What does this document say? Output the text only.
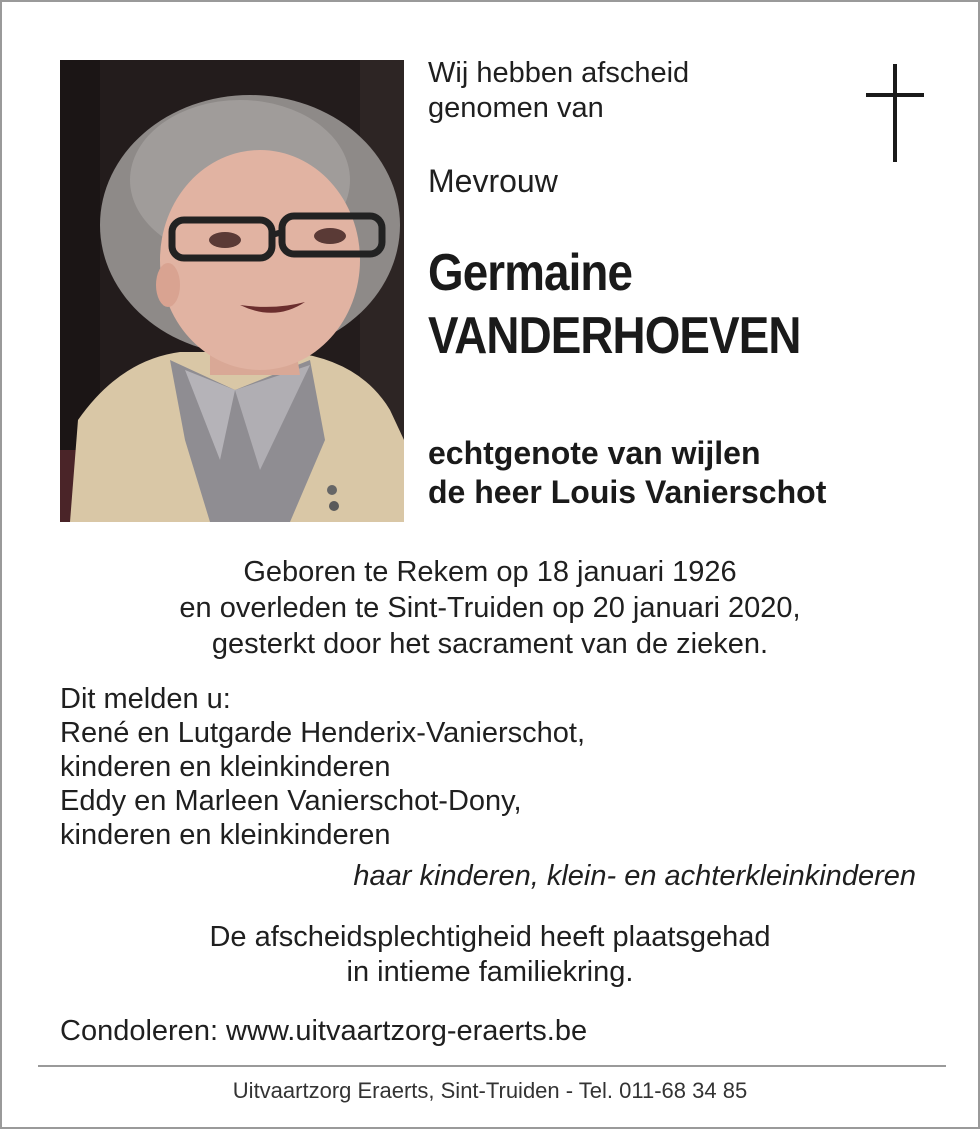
Wij hebben afscheid
genomen van
Mevrouw
Germaine
VANDERHOEVEN
echtgenote van wijlen
de heer Louis Vanierschot
Geboren te Rekem op 18 januari 1926
en overleden te Sint-Truiden op 20 januari 2020,
gesterkt door het sacrament van de zieken.
Dit melden u:
René en Lutgarde Henderix-Vanierschot,
kinderen en kleinkinderen
Eddy en Marleen Vanierschot-Dony,
kinderen en kleinkinderen
haar kinderen, klein- en achterkleinkinderen
De afscheidsplechtigheid heeft plaatsgehad
in intieme familiekring.
Condoleren: www.uitvaartzorg-eraerts.be
Uitvaartzorg Eraerts, Sint-Truiden - Tel. 011-68 34 85
